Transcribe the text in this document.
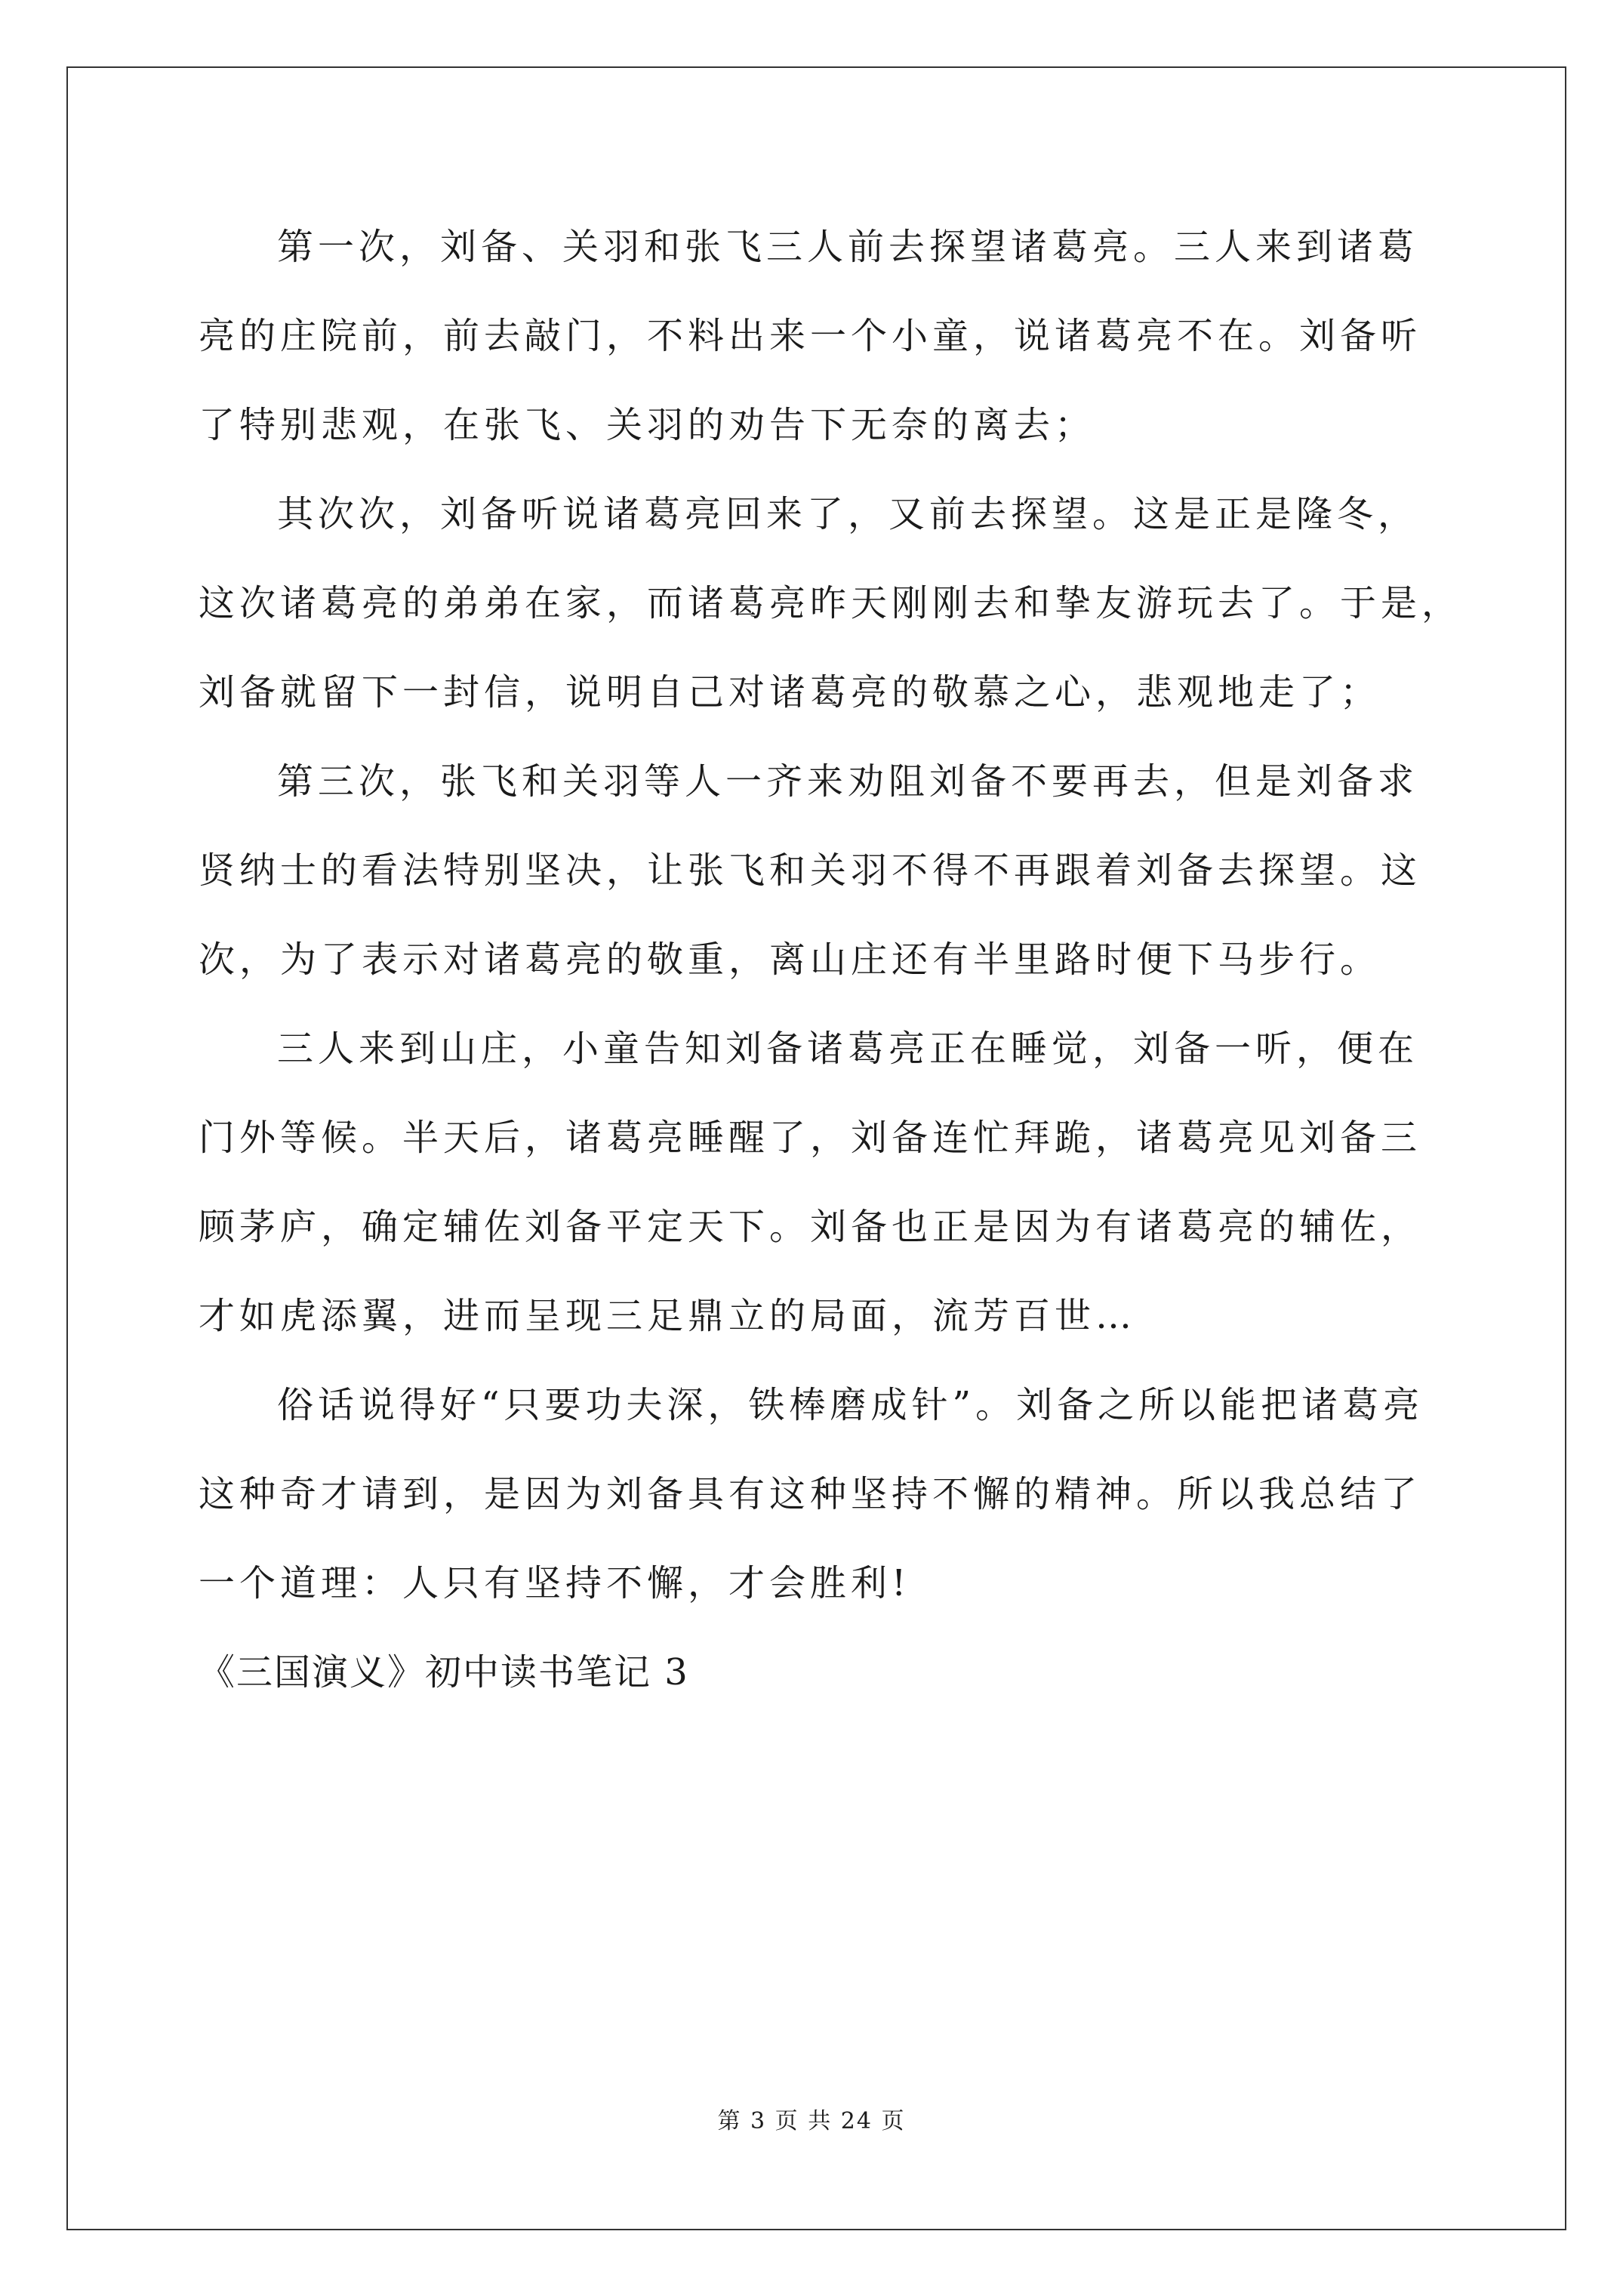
第一次，刘备、关羽和张飞三人前去探望诸葛亮。三人来到诸葛
亮的庄院前，前去敲门，不料出来一个小童，说诸葛亮不在。刘备听
了特别悲观，在张飞、关羽的劝告下无奈的离去；
其次次，刘备听说诸葛亮回来了，又前去探望。这是正是隆冬，
这次诸葛亮的弟弟在家，而诸葛亮昨天刚刚去和挚友游玩去了。于是，
刘备就留下一封信，说明自己对诸葛亮的敬慕之心，悲观地走了；
第三次，张飞和关羽等人一齐来劝阻刘备不要再去，但是刘备求
贤纳士的看法特别坚决，让张飞和关羽不得不再跟着刘备去探望。这
次，为了表示对诸葛亮的敬重，离山庄还有半里路时便下马步行。
三人来到山庄，小童告知刘备诸葛亮正在睡觉，刘备一听，便在
门外等候。半天后，诸葛亮睡醒了，刘备连忙拜跪，诸葛亮见刘备三
顾茅庐，确定辅佐刘备平定天下。刘备也正是因为有诸葛亮的辅佐，
才如虎添翼，进而呈现三足鼎立的局面，流芳百世…
俗话说得好“只要功夫深，铁棒磨成针”。刘备之所以能把诸葛亮
这种奇才请到，是因为刘备具有这种坚持不懈的精神。所以我总结了
一个道理：人只有坚持不懈，才会胜利!
《三国演义》初中读书笔记 3
第 3 页 共 24 页
